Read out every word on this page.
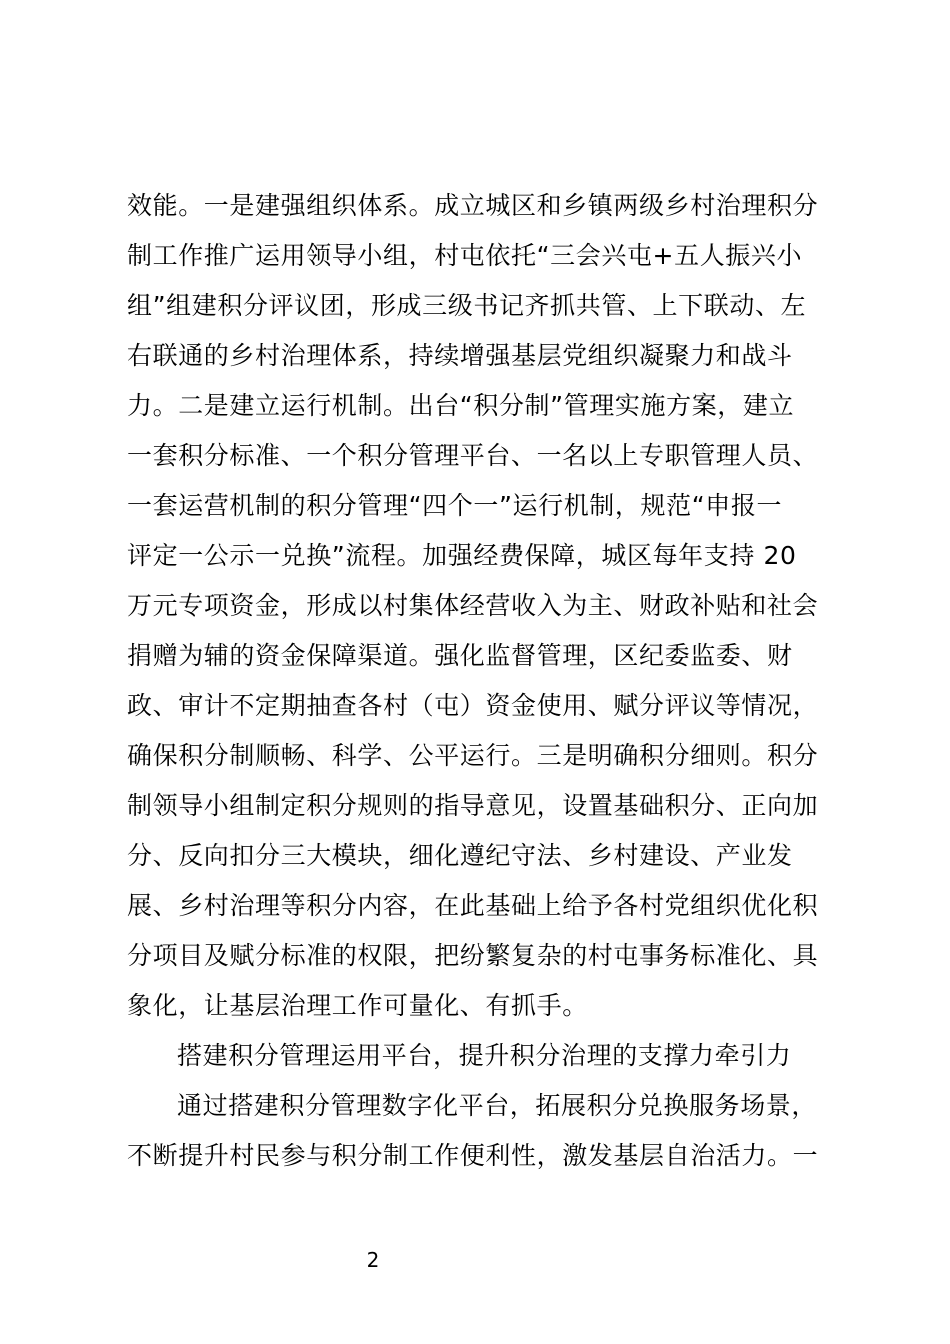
效能。一是建强组织体系。成立城区和乡镇两级乡村治理积分
制工作推广运用领导小组，村屯依托“三会兴屯+五人振兴小
组”组建积分评议团，形成三级书记齐抓共管、上下联动、左
右联通的乡村治理体系，持续增强基层党组织凝聚力和战斗
力。二是建立运行机制。出台“积分制”管理实施方案，建立
一套积分标准、一个积分管理平台、一名以上专职管理人员、
一套运营机制的积分管理“四个一”运行机制，规范“申报一
评定一公示一兑换”流程。加强经费保障，城区每年支持 20
万元专项资金，形成以村集体经营收入为主、财政补贴和社会
捐赠为辅的资金保障渠道。强化监督管理，区纪委监委、财
政、审计不定期抽查各村（屯）资金使用、赋分评议等情况，
确保积分制顺畅、科学、公平运行。三是明确积分细则。积分
制领导小组制定积分规则的指导意见，设置基础积分、正向加
分、反向扣分三大模块，细化遵纪守法、乡村建设、产业发
展、乡村治理等积分内容，在此基础上给予各村党组织优化积
分项目及赋分标准的权限，把纷繁复杂的村屯事务标准化、具
象化，让基层治理工作可量化、有抓手。
搭建积分管理运用平台，提升积分治理的支撑力牵引力
通过搭建积分管理数字化平台，拓展积分兑换服务场景，
不断提升村民参与积分制工作便利性，激发基层自治活力。一
2
